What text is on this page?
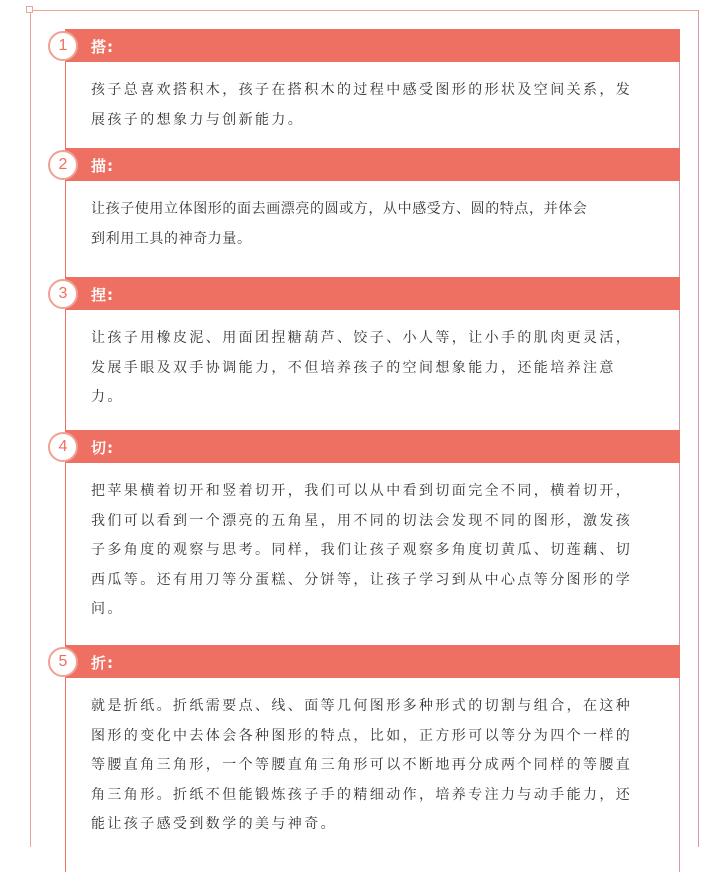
搭:
1

孩子总喜欢搭积木，孩子在搭积木的过程中感受图形的形状及空间关系，发

展孩子的想象力与创新能力。

描:
2

让孩子使用立体图形的面去画漂亮的圆或方，从中感受方、圆的特点，并体会

到利用工具的神奇力量。

捏:
3

让孩子用橡皮泥、用面团捏糖葫芦、饺子、小人等，让小手的肌肉更灵活，

发展手眼及双手协调能力，不但培养孩子的空间想象能力，还能培养注意

力。

切:
4

把苹果横着切开和竖着切开，我们可以从中看到切面完全不同，横着切开，

我们可以看到一个漂亮的五角星，用不同的切法会发现不同的图形，激发孩

子多角度的观察与思考。同样，我们让孩子观察多角度切黄瓜、切莲藕、切

西瓜等。还有用刀等分蛋糕、分饼等，让孩子学习到从中心点等分图形的学

问。

折:
5

就是折纸。折纸需要点、线、面等几何图形多种形式的切割与组合，在这种

图形的变化中去体会各种图形的特点，比如，正方形可以等分为四个一样的

等腰直角三角形，一个等腰直角三角形可以不断地再分成两个同样的等腰直

角三角形。折纸不但能锻炼孩子手的精细动作，培养专注力与动手能力，还

能让孩子感受到数学的美与神奇。
